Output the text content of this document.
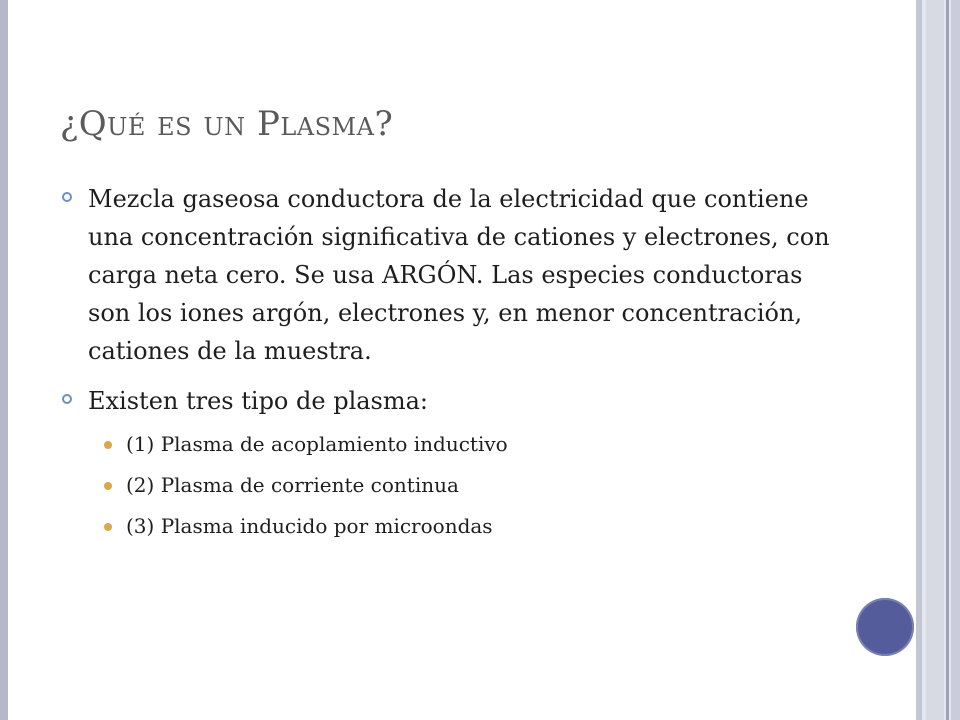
¿Qué es un Plasma?
Mezcla gaseosa conductora de la electricidad que contiene una concentración significativa de cationes y electrones, con carga neta cero. Se usa ARGÓN. Las especies conductoras son los iones argón, electrones y, en menor concentración, cationes de la muestra.
Existen tres tipo de plasma:
(1) Plasma de acoplamiento inductivo
(2) Plasma de corriente continua
(3) Plasma inducido por microondas
